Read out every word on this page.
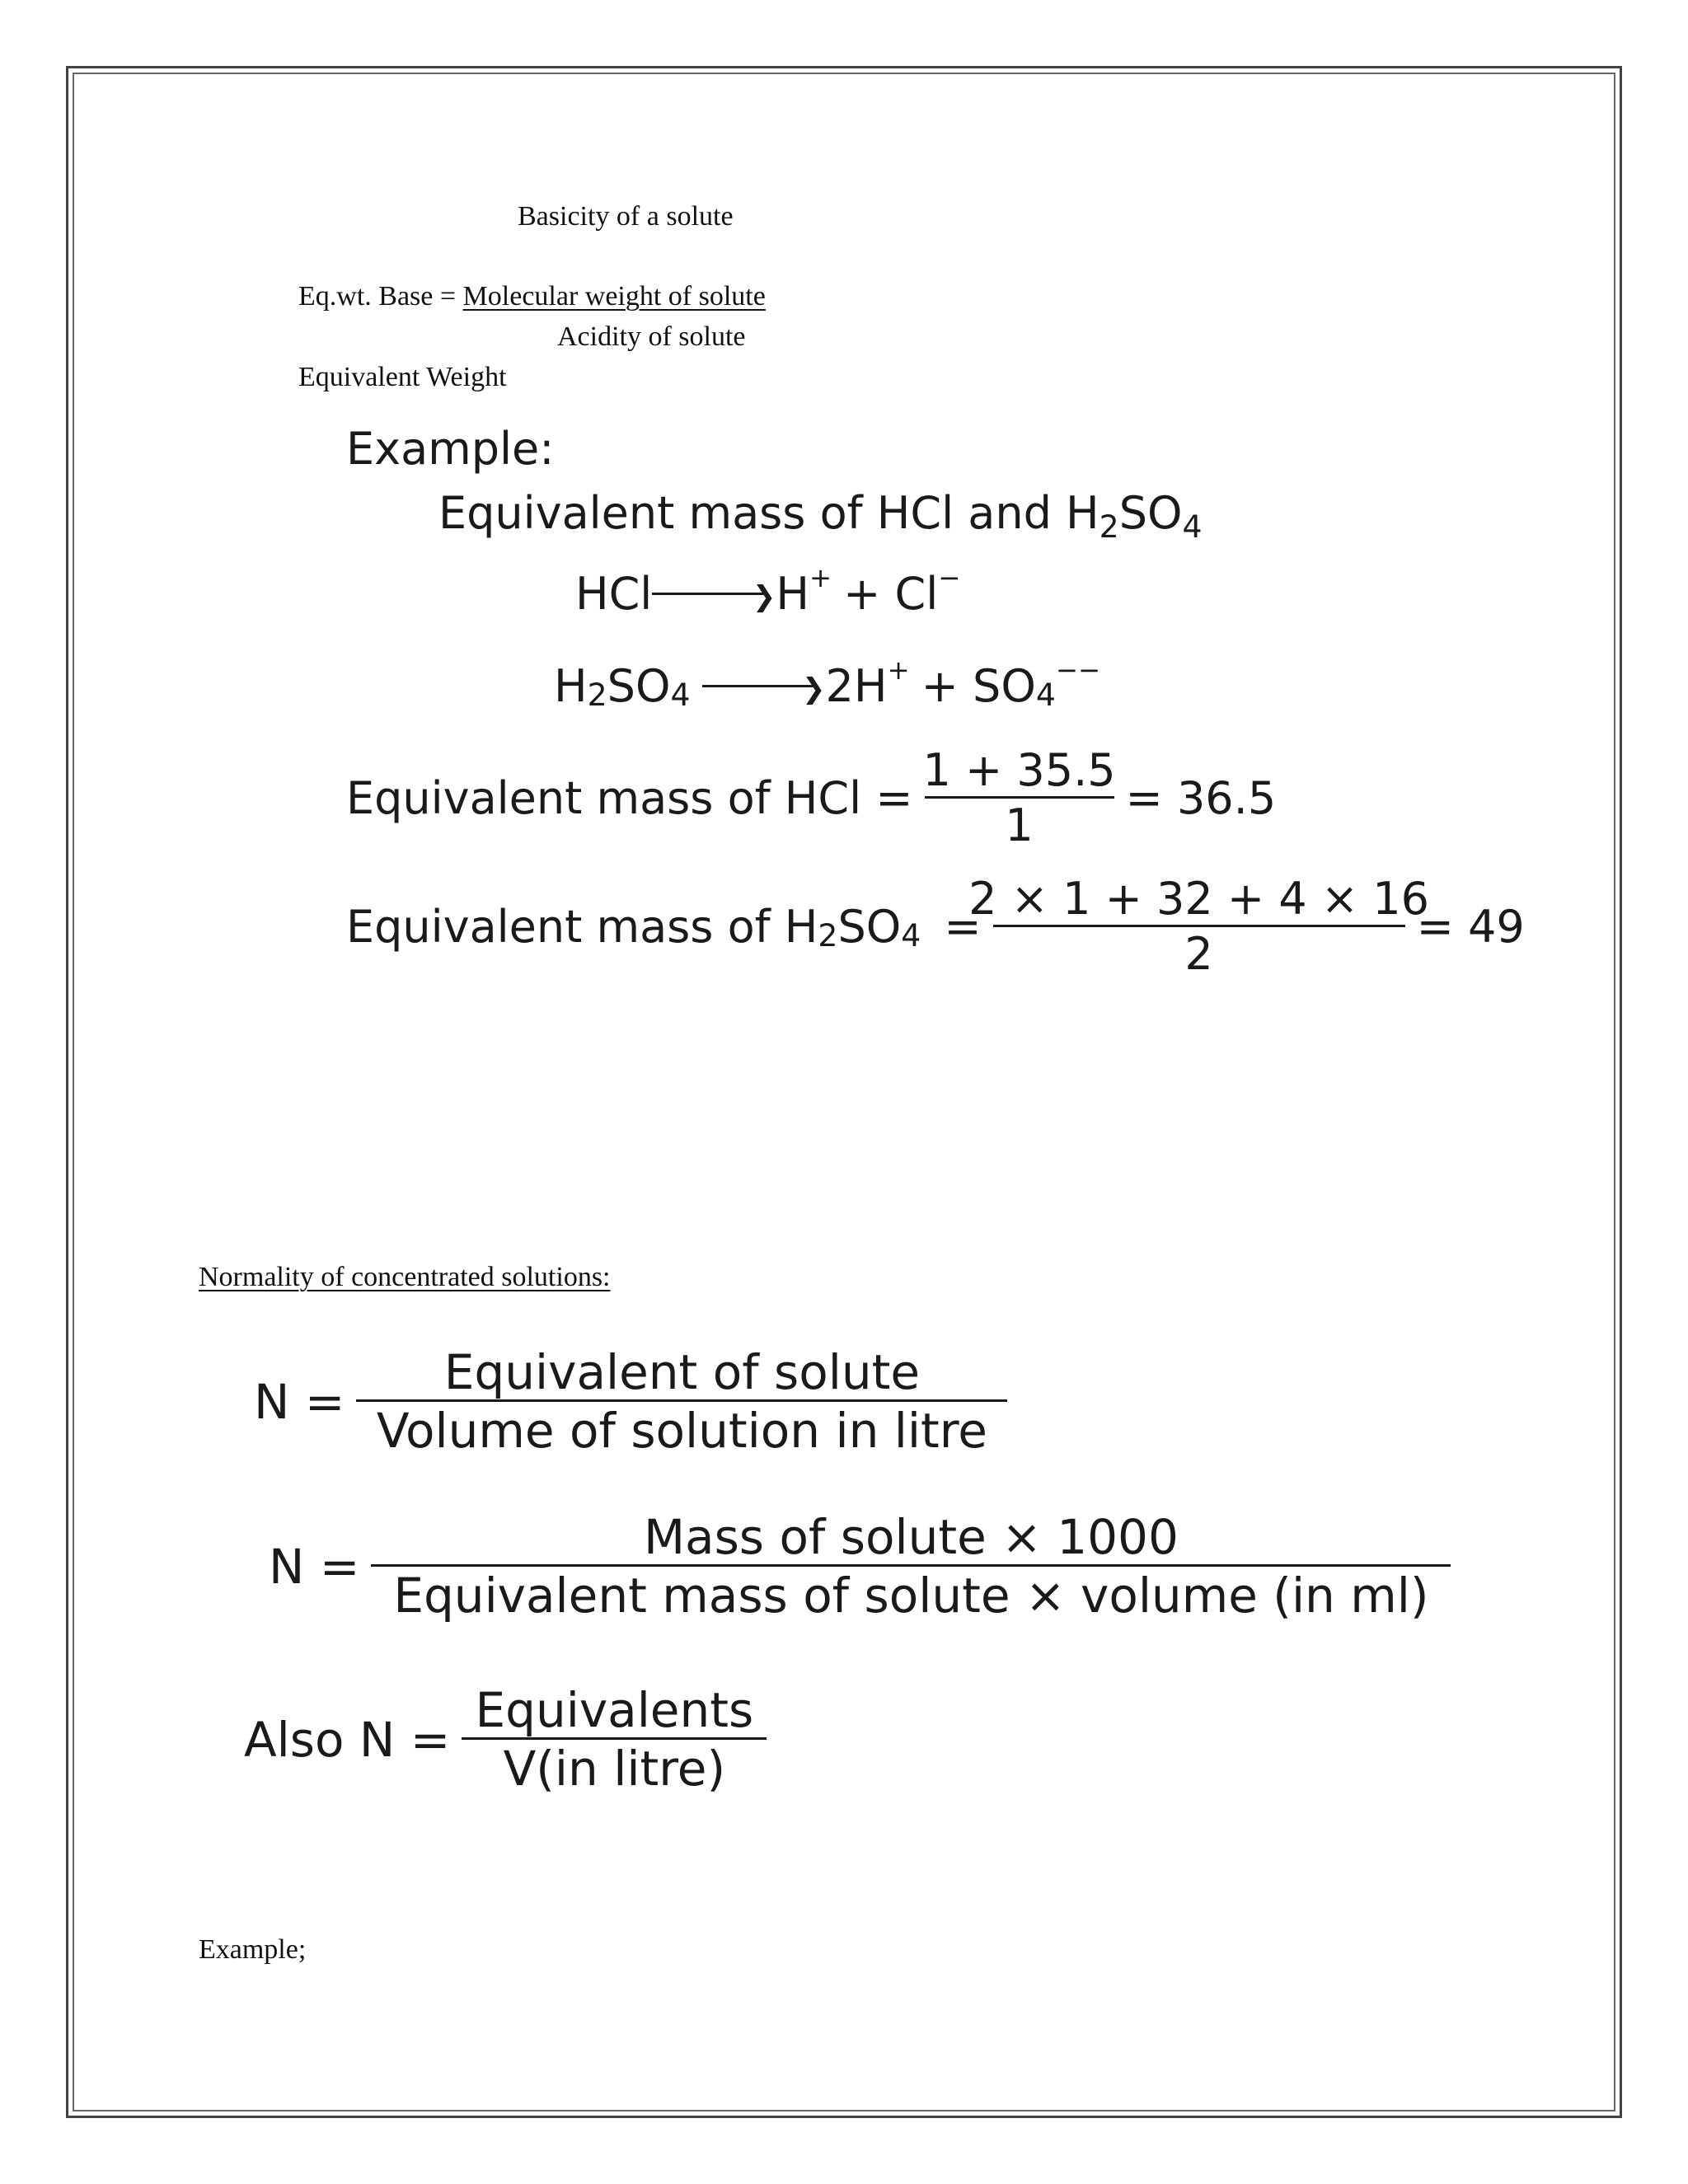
Basicity of a solute
Eq.wt. Base = Molecular weight of solute
Acidity of solute
Equivalent Weight
Example:
Equivalent mass of HCl and $H_2SO_4$
HCl	❯ H + + Cl −
H 2 SO 4	❯ 2H + + SO 4
−−
Equivalent mass of HCl = $\frac{1 + 35.5}{1} = 36.5$
Equivalent mass of H 2 SO $4 = \frac{2 \times 1 + 32 + 4 \times 16}{2} = 49$
Normality of concentrated solutions:
$N = \frac{\text{Equivalent of solute}}{\text{Volume of solution in litre}}$
$N = \frac{\text{Mass of solute × 1000}}{\text{Equivalent mass of solute × volume (in ml)}}$
Also $N = \frac{\text{Equivalents}}{\text{V(in litre)}}$
Example;
